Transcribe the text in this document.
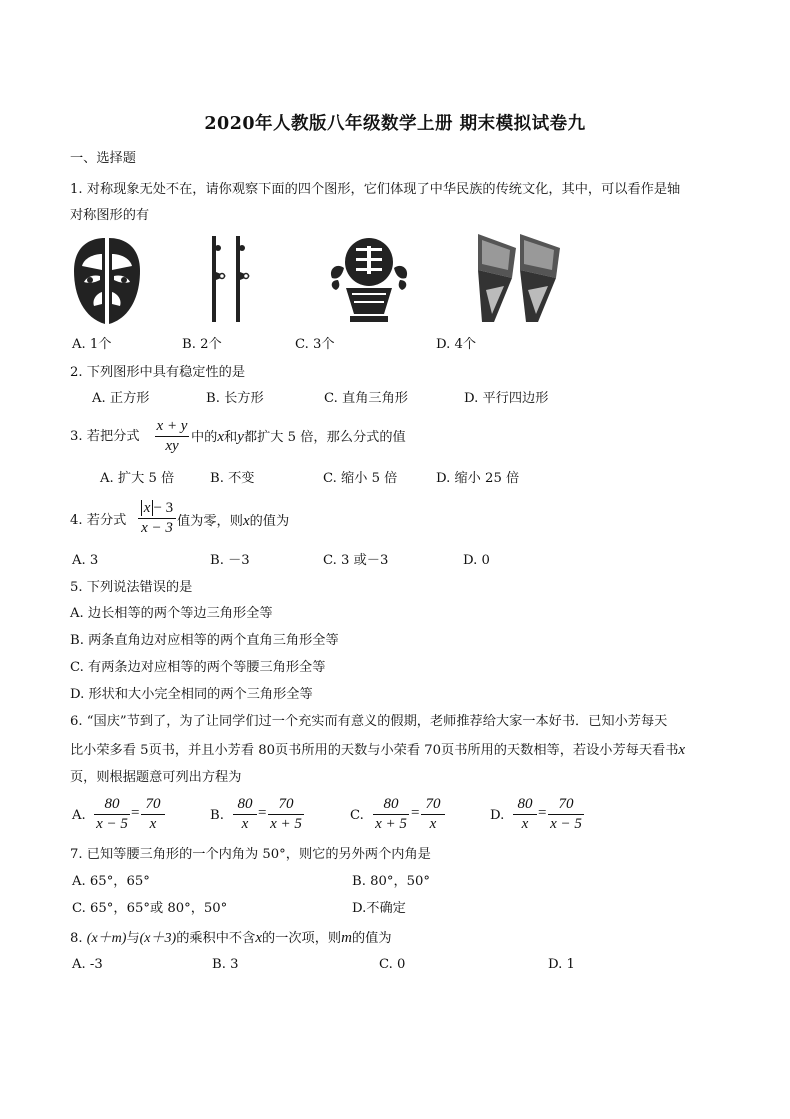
2020年人教版八年级数学上册 期末模拟试卷九
一、选择题
1. 对称现象无处不在，请你观察下面的四个图形，它们体现了中华民族的传统文化，其中，可以看作是轴
对称图形的有
A. 1个	B. 2个	C. 3个	D. 4个
2. 下列图形中具有稳定性的是
A. 正方形	B. 长方形	C. 直角三角形	D. 平行四边形
3. 若把分式
x + y
xy
中的x和y都扩大 5 倍，那么分式的值
A. 扩大 5 倍	B. 不变	C. 缩小 5 倍	D. 缩小 25 倍
4. 若分式
x − 3
x − 3 值为零，则x的值为
A. 3	B. －3	C. 3 或－3	D. 0
5. 下列说法错误的是
A. 边长相等的两个等边三角形全等
B. 两条直角边对应相等的两个直角三角形全等
C. 有两条边对应相等的两个等腰三角形全等
D. 形状和大小完全相同的两个三角形全等
6. “国庆”节到了，为了让同学们过一个充实而有意义的假期，老师推荐给大家一本好书．已知小芳每天
比小荣多看 5页书，并且小芳看 80页书所用的天数与小荣看 70页书所用的天数相等，若设小芳每天看书x
页，则根据题意可列出方程为
A.
80
x − 5
=
70
x
B.
80
x
=
70
x + 5
C.
80
x + 5
=
70
x
D.
80
x
=
70
x − 5
7. 已知等腰三角形的一个内角为 50°，则它的另外两个内角是
A. 65°，65°	B. 80°，50°
C. 65°，65°或 80°，50°	D.不确定
8. (x＋m)与(x＋3)的乘积中不含x的一次项，则m的值为
A. -3	B. 3	C. 0	D. 1
